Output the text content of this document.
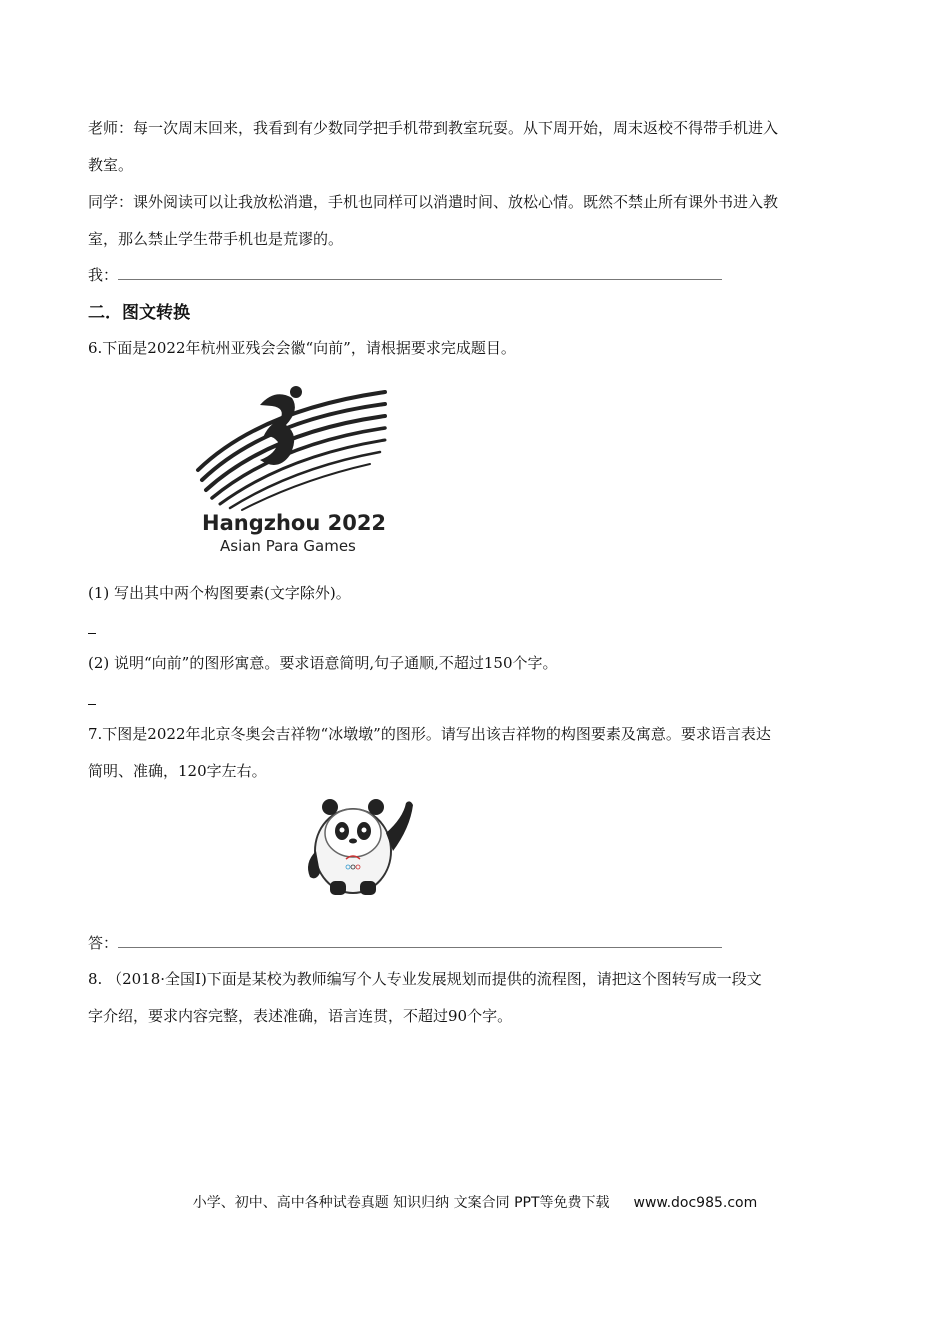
老师：每一次周末回来，我看到有少数同学把手机带到教室玩耍。从下周开始，周末返校不得带手机进入
教室。
同学：课外阅读可以让我放松消遣，手机也同样可以消遣时间、放松心情。既然不禁止所有课外书进入教
室，那么禁止学生带手机也是荒谬的。
我：
二．图文转换
6.下面是2022年杭州亚残会会徽“向前”，请根据要求完成题目。
Hangzhou 2022
Asian Para Games
(1) 写出其中两个构图要素(文字除外)。
(2) 说明“向前”的图形寓意。要求语意简明,句子通顺,不超过150个字。
7.下图是2022年北京冬奥会吉祥物“冰墩墩”的图形。请写出该吉祥物的构图要素及寓意。要求语言表达
简明、准确，120字左右。
答：
8. （2018·全国Ⅰ)下面是某校为教师编写个人专业发展规划而提供的流程图，请把这个图转写成一段文
字介绍，要求内容完整，表述准确，语言连贯，不超过90个字。
小学、初中、高中各种试卷真题 知识归纳 文案合同 PPT等免费下载 www.doc985.com
